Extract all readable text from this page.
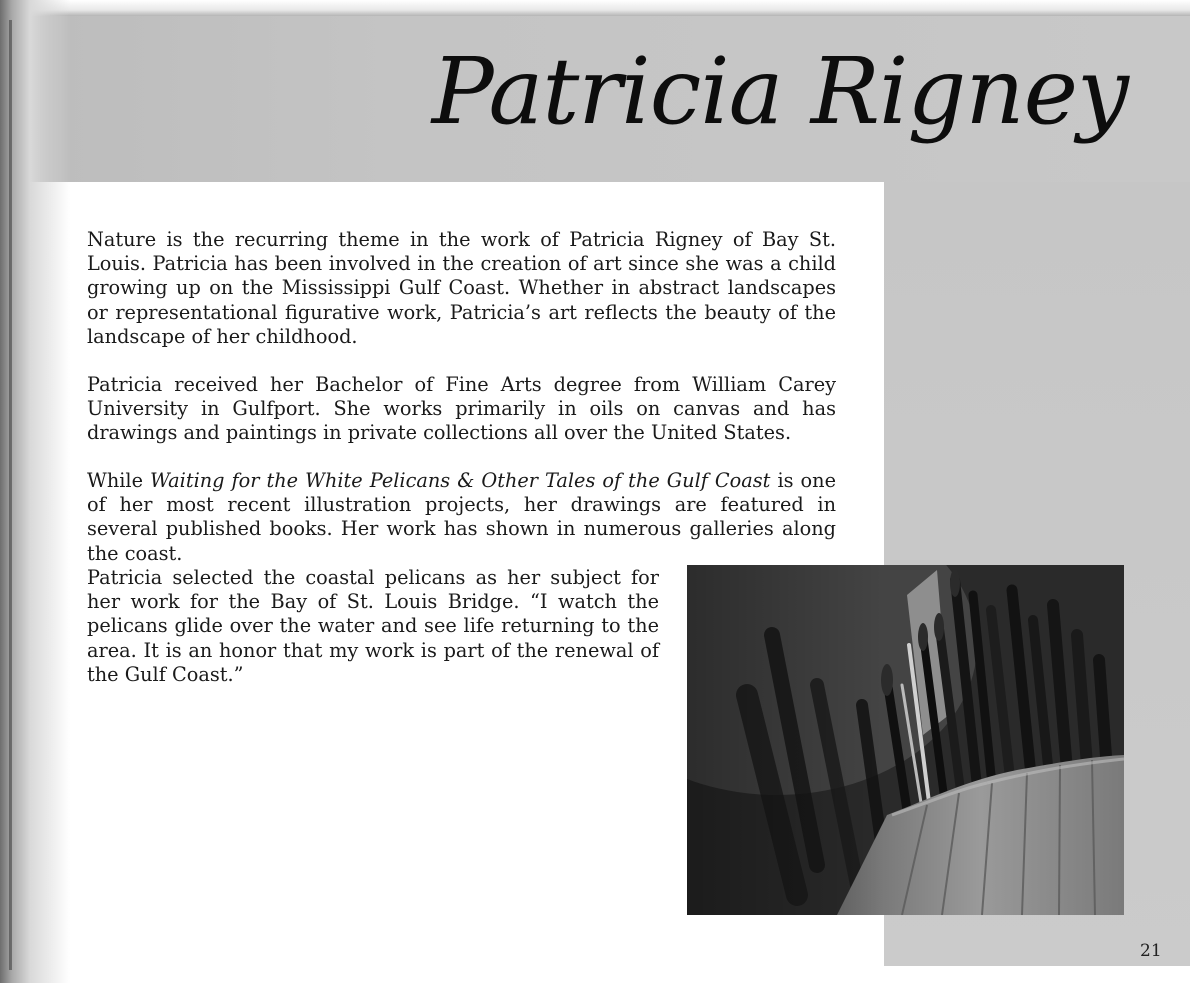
Patricia Rigney

Nature is the recurring theme in the work of Patricia Rigney of Bay St. Louis. Patricia has been involved in the creation of art since she was a child growing up on the Mississippi Gulf Coast. Whether in abstract landscapes or representational figurative work, Patricia’s art reflects the beauty of the landscape of her childhood.

Patricia received her Bachelor of Fine Arts degree from William Carey University in Gulfport. She works primarily in oils on canvas and has drawings and paintings in private collections all over the United States.

While Waiting for the White Pelicans & Other Tales of the Gulf Coast is one of her most recent illustration projects, her drawings are featured in several published books. Her work has shown in numerous galleries along the coast.

Patricia selected the coastal pelicans as her subject for her work for the Bay of St. Louis Bridge. “I watch the pelicans glide over the water and see life returning to the area. It is an honor that my work is part of the renewal of the Gulf Coast.”

21
